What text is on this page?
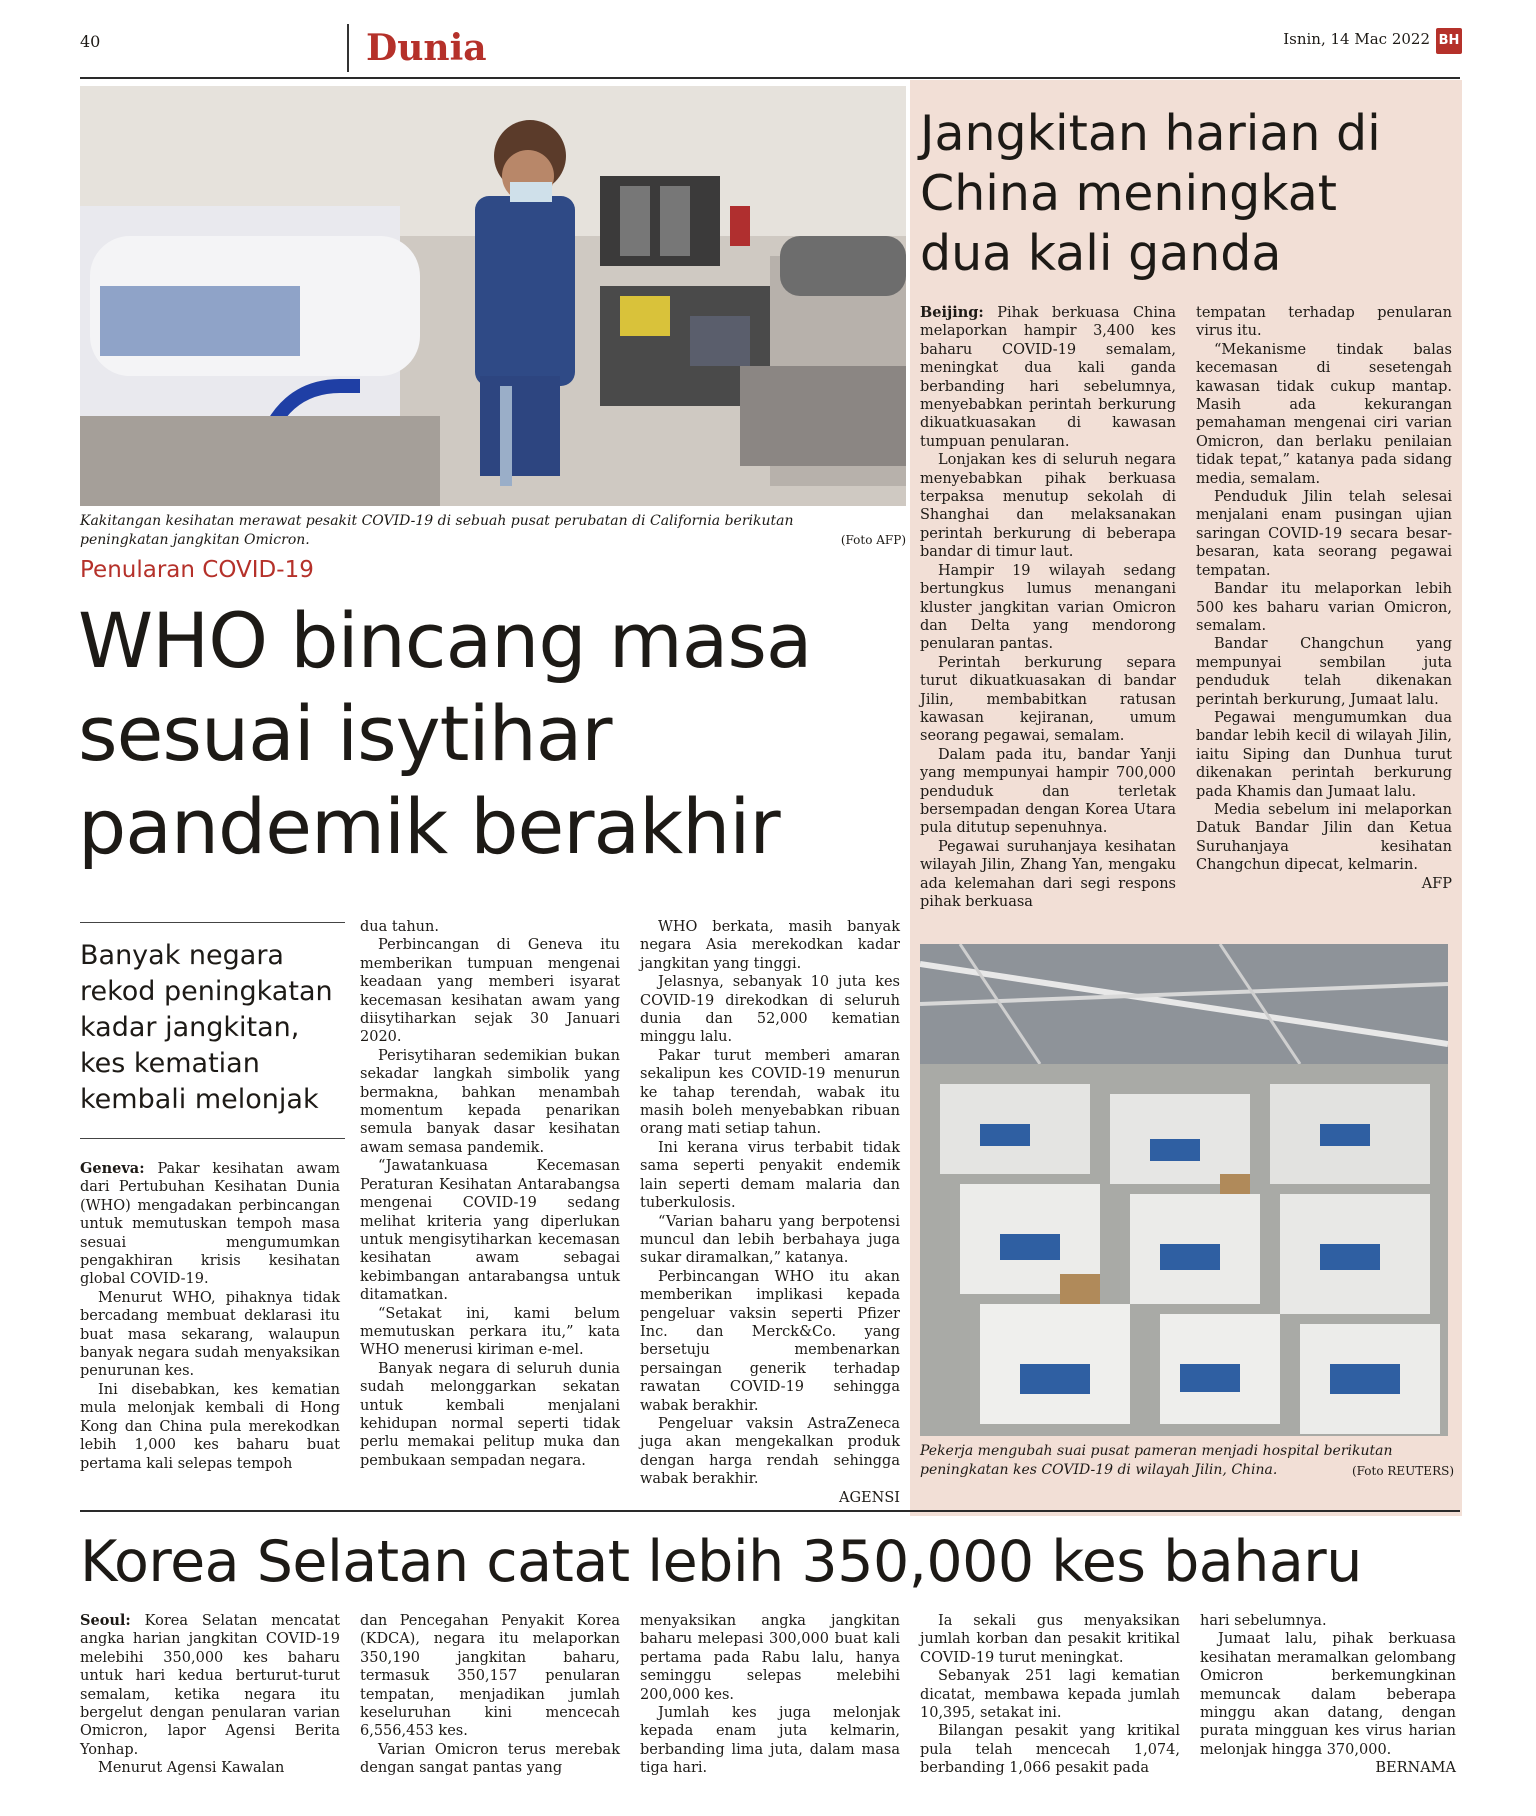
40	Dunia	Isnin, 14 Mac 2022 BH
Kakitangan kesihatan merawat pesakit COVID-19 di sebuah pusat perubatan di California berikutan peningkatan jangkitan Omicron.	(Foto AFP)
Penularan COVID-19
WHO bincang masa sesuai isytihar pandemik berakhir
Banyak negara rekod peningkatan kadar jangkitan, kes kematian kembali melonjak

Geneva: Pakar kesihatan awam dari Pertubuhan Kesihatan Dunia (WHO) mengadakan perbincangan untuk memutuskan tempoh masa sesuai mengumumkan pengakhiran krisis kesihatan global COVID-19.

Menurut WHO, pihaknya tidak bercadang membuat deklarasi itu buat masa sekarang, walaupun banyak negara sudah menyaksikan penurunan kes.

Ini disebabkan, kes kematian mula melonjak kembali di Hong Kong dan China pula merekodkan lebih 1,000 kes baharu buat pertama kali selepas tempoh

dua tahun.

Perbincangan di Geneva itu memberikan tumpuan mengenai keadaan yang memberi isyarat kecemasan kesihatan awam yang diisytiharkan sejak 30 Januari 2020.

Perisytiharan sedemikian bukan sekadar langkah simbolik yang bermakna, bahkan menambah momentum kepada penarikan semula banyak dasar kesihatan awam semasa pandemik.

“Jawatankuasa Kecemasan Peraturan Kesihatan Antarabangsa mengenai COVID-19 sedang melihat kriteria yang diperlukan untuk mengisytiharkan kecemasan kesihatan awam sebagai kebimbangan antarabangsa untuk ditamatkan.

“Setakat ini, kami belum memutuskan perkara itu,” kata WHO menerusi kiriman e-mel.

Banyak negara di seluruh dunia sudah melonggarkan sekatan untuk kembali menjalani kehidupan normal seperti tidak perlu memakai pelitup muka dan pembukaan sempadan negara.

WHO berkata, masih banyak negara Asia merekodkan kadar jangkitan yang tinggi.

Jelasnya, sebanyak 10 juta kes COVID-19 direkodkan di seluruh dunia dan 52,000 kematian minggu lalu.

Pakar turut memberi amaran sekalipun kes COVID-19 menurun ke tahap terendah, wabak itu masih boleh menyebabkan ribuan orang mati setiap tahun.

Ini kerana virus terbabit tidak sama seperti penyakit endemik lain seperti demam malaria dan tuberkulosis.

“Varian baharu yang berpotensi muncul dan lebih berbahaya juga sukar diramalkan,” katanya.

Perbincangan WHO itu akan memberikan implikasi kepada pengeluar vaksin seperti Pfizer Inc. dan Merck&Co. yang bersetuju membenarkan persaingan generik terhadap rawatan COVID-19 sehingga wabak berakhir.

Pengeluar vaksin AstraZeneca juga akan mengekalkan produk dengan harga rendah sehingga wabak berakhir.

AGENSI

Jangkitan harian di China meningkat dua kali ganda

Beijing: Pihak berkuasa China melaporkan hampir 3,400 kes baharu COVID-19 semalam, meningkat dua kali ganda berbanding hari sebelumnya, menyebabkan perintah berkurung dikuatkuasakan di kawasan tumpuan penularan.

Lonjakan kes di seluruh negara menyebabkan pihak berkuasa terpaksa menutup sekolah di Shanghai dan melaksanakan perintah berkurung di beberapa bandar di timur laut.

Hampir 19 wilayah sedang bertungkus lumus menangani kluster jangkitan varian Omicron dan Delta yang mendorong penularan pantas.

Perintah berkurung separa turut dikuatkuasakan di bandar Jilin, membabitkan ratusan kawasan kejiranan, umum seorang pegawai, semalam.

Dalam pada itu, bandar Yanji yang mempunyai hampir 700,000 penduduk dan terletak bersempadan dengan Korea Utara pula ditutup sepenuhnya.

Pegawai suruhanjaya kesihatan wilayah Jilin, Zhang Yan, mengaku ada kelemahan dari segi respons pihak berkuasa

tempatan terhadap penularan virus itu.

“Mekanisme tindak balas kecemasan di sesetengah kawasan tidak cukup mantap. Masih ada kekurangan pemahaman mengenai ciri varian Omicron, dan berlaku penilaian tidak tepat,” katanya pada sidang media, semalam.

Penduduk Jilin telah selesai menjalani enam pusingan ujian saringan COVID-19 secara besar-besaran, kata seorang pegawai tempatan.

Bandar itu melaporkan lebih 500 kes baharu varian Omicron, semalam.

Bandar Changchun yang mempunyai sembilan juta penduduk telah dikenakan perintah berkurung, Jumaat lalu.

Pegawai mengumumkan dua bandar lebih kecil di wilayah Jilin, iaitu Siping dan Dunhua turut dikenakan perintah berkurung pada Khamis dan Jumaat lalu.

Media sebelum ini melaporkan Datuk Bandar Jilin dan Ketua Suruhanjaya kesihatan Changchun dipecat, kelmarin.

AFP

Pekerja mengubah suai pusat pameran menjadi hospital berikutan peningkatan kes COVID-19 di wilayah Jilin, China.	(Foto REUTERS)
Korea Selatan catat lebih 350,000 kes baharu

Seoul: Korea Selatan mencatat angka harian jangkitan COVID-19 melebihi 350,000 kes baharu untuk hari kedua berturut-turut semalam, ketika negara itu bergelut dengan penularan varian Omicron, lapor Agensi Berita Yonhap.

Menurut Agensi Kawalan

dan Pencegahan Penyakit Korea (KDCA), negara itu melaporkan 350,190 jangkitan baharu, termasuk 350,157 penularan tempatan, menjadikan jumlah keseluruhan kini mencecah 6,556,453 kes.

Varian Omicron terus merebak dengan sangat pantas yang

menyaksikan angka jangkitan baharu melepasi 300,000 buat kali pertama pada Rabu lalu, hanya seminggu selepas melebihi 200,000 kes.

Jumlah kes juga melonjak kepada enam juta kelmarin, berbanding lima juta, dalam masa tiga hari.

Ia sekali gus menyaksikan jumlah korban dan pesakit kritikal COVID-19 turut meningkat.

Sebanyak 251 lagi kematian dicatat, membawa kepada jumlah 10,395, setakat ini.

Bilangan pesakit yang kritikal pula telah mencecah 1,074, berbanding 1,066 pesakit pada

hari sebelumnya.

Jumaat lalu, pihak berkuasa kesihatan meramalkan gelombang Omicron berkemungkinan memuncak dalam beberapa minggu akan datang, dengan purata mingguan kes virus harian melonjak hingga 370,000.

BERNAMA
